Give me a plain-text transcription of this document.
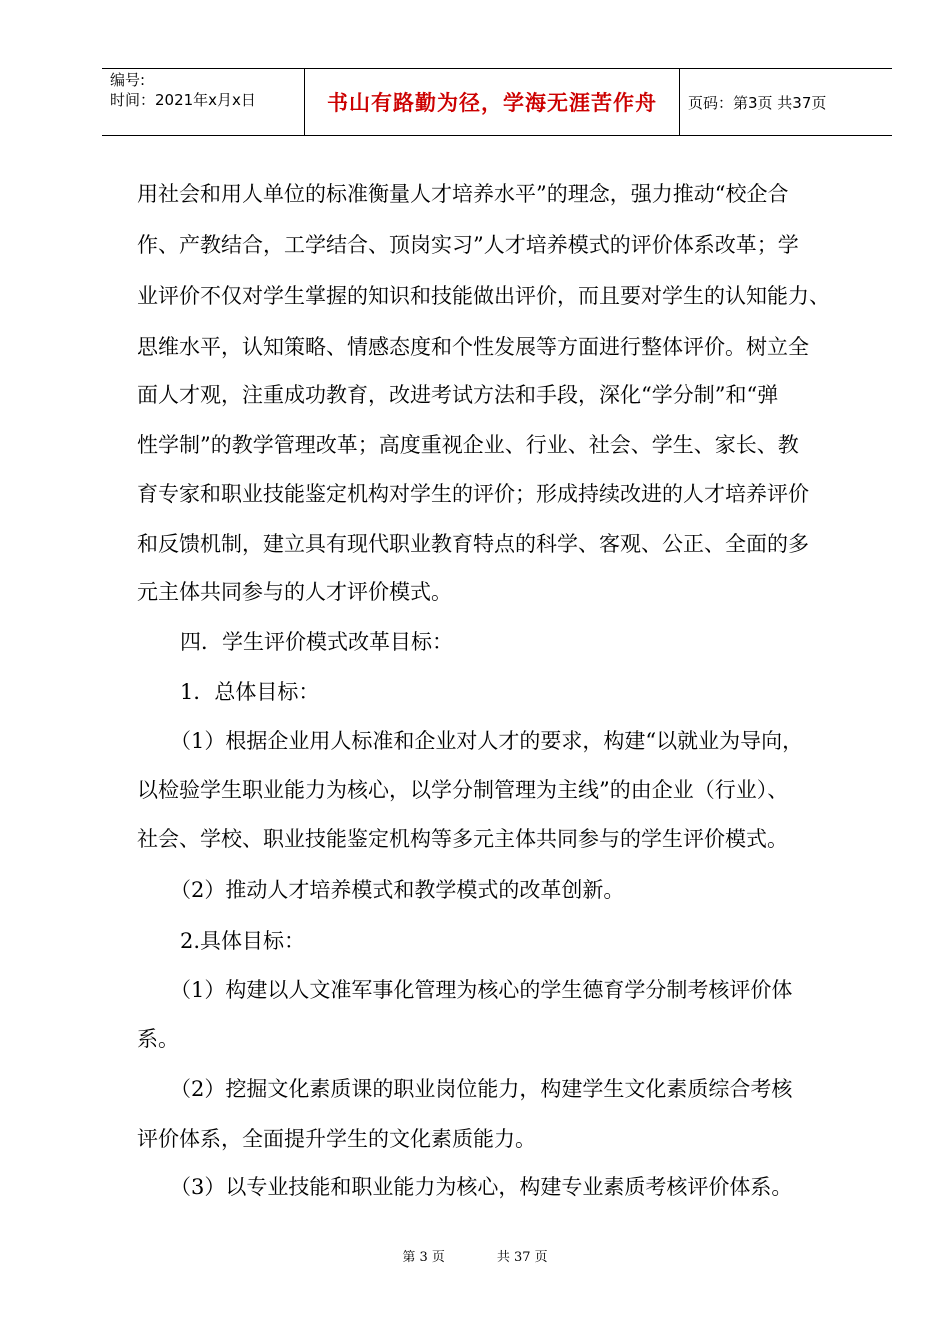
编号:
时间：2021年x月x日	书山有路勤为径，学海无涯苦作舟 页码：第3页 共37页
用社会和用人单位的标准衡量人才培养水平”的理念，强力推动“校企合
作、产教结合，工学结合、顶岗实习”人才培养模式的评价体系改革；学
业评价不仅对学生掌握的知识和技能做出评价，而且要对学生的认知能力、
思维水平，认知策略、情感态度和个性发展等方面进行整体评价。树立全
面人才观，注重成功教育，改进考试方法和手段，深化“学分制”和“弹
性学制”的教学管理改革；高度重视企业、行业、社会、学生、家长、教
育专家和职业技能鉴定机构对学生的评价；形成持续改进的人才培养评价
和反馈机制，建立具有现代职业教育特点的科学、客观、公正、全面的多
元主体共同参与的人才评价模式。
四．学生评价模式改革目标：
1．总体目标：
（1）根据企业用人标准和企业对人才的要求，构建“以就业为导向，
以检验学生职业能力为核心，以学分制管理为主线”的由企业（行业）、
社会、学校、职业技能鉴定机构等多元主体共同参与的学生评价模式。
（2）推动人才培养模式和教学模式的改革创新。
2.具体目标：
（1）构建以人文准军事化管理为核心的学生德育学分制考核评价体
系。
（2）挖掘文化素质课的职业岗位能力，构建学生文化素质综合考核
评价体系，全面提升学生的文化素质能力。
（3）以专业技能和职业能力为核心，构建专业素质考核评价体系。
第 3 页	共 37 页
